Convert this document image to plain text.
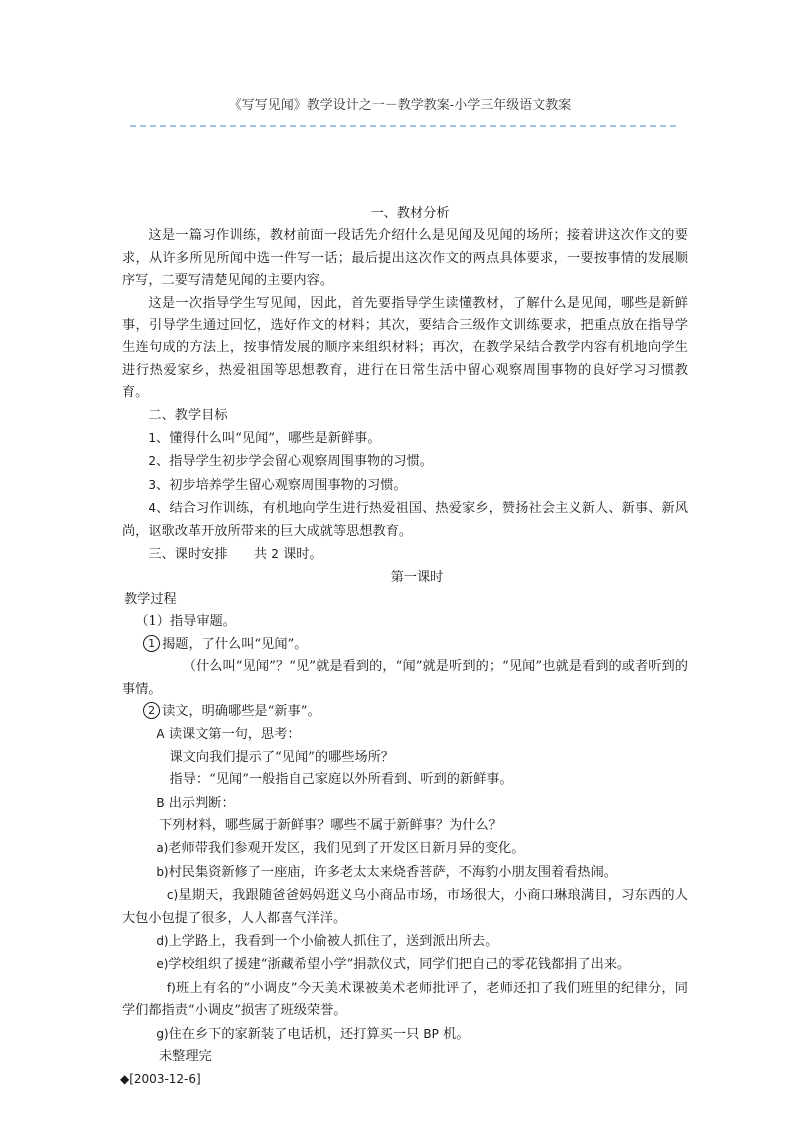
《写写见闻》教学设计之一－教学教案-小学三年级语文教案

一、教材分析

这是一篇习作训练，教材前面一段话先介绍什么是见闻及见闻的场所；接着讲这次作文的要求，从许多所见所闻中选一件写一话；最后提出这次作文的两点具体要求，一要按事情的发展顺序写，二要写清楚见闻的主要内容。

这是一次指导学生写见闻，因此，首先要指导学生读懂教材，了解什么是见闻，哪些是新鲜事，引导学生通过回忆，选好作文的材料；其次，要结合三级作文训练要求，把重点放在指导学生连句成的方法上，按事情发展的顺序来组织材料；再次，在教学呆结合教学内容有机地向学生进行热爱家乡，热爱祖国等思想教育，进行在日常生活中留心观察周围事物的良好学习习惯教育。

二、教学目标

1、懂得什么叫“见闻”，哪些是新鲜事。

2、指导学生初步学会留心观察周围事物的习惯。

3、初步培养学生留心观察周围事物的习惯。

4、结合习作训练，有机地向学生进行热爱祖国、热爱家乡，赞扬社会主义新人、新事、新风尚，讴歌改革开放所带来的巨大成就等思想教育。

三、课时安排　　共 2 课时。

第一课时

教学过程

（1）指导审题。

1 揭题，了什么叫“见闻”。

（什么叫“见闻”？“见”就是看到的，“闻”就是听到的；“见闻”也就是看到的或者听到的事情。

2 读文，明确哪些是“新事”。

A 读课文第一句，思考：

课文向我们提示了“见闻”的哪些场所？

指导：“见闻”一般指自己家庭以外所看到、听到的新鲜事。

B 出示判断：

下列材料，哪些属于新鲜事？哪些不属于新鲜事？为什么？

a)老师带我们参观开发区，我们见到了开发区日新月异的变化。

b)村民集资新修了一座庙，许多老太太来烧香菩萨，不海豹小朋友围着看热闹。

c)星期天，我跟随爸爸妈妈逛义乌小商品市场，市场很大，小商口琳琅满目，习东西的人大包小包提了很多，人人都喜气洋洋。

d)上学路上，我看到一个小偷被人抓住了，送到派出所去。

e)学校组织了援建“浙藏希望小学”捐款仪式，同学们把自己的零花钱都捐了出来。

f)班上有名的“小调皮”今天美术课被美术老师批评了，老师还扣了我们班里的纪律分，同学们都指责“小调皮”损害了班级荣誉。

g)住在乡下的家新装了电话机，还打算买一只 BP 机。

未整理完

◆[2003-12-6]
